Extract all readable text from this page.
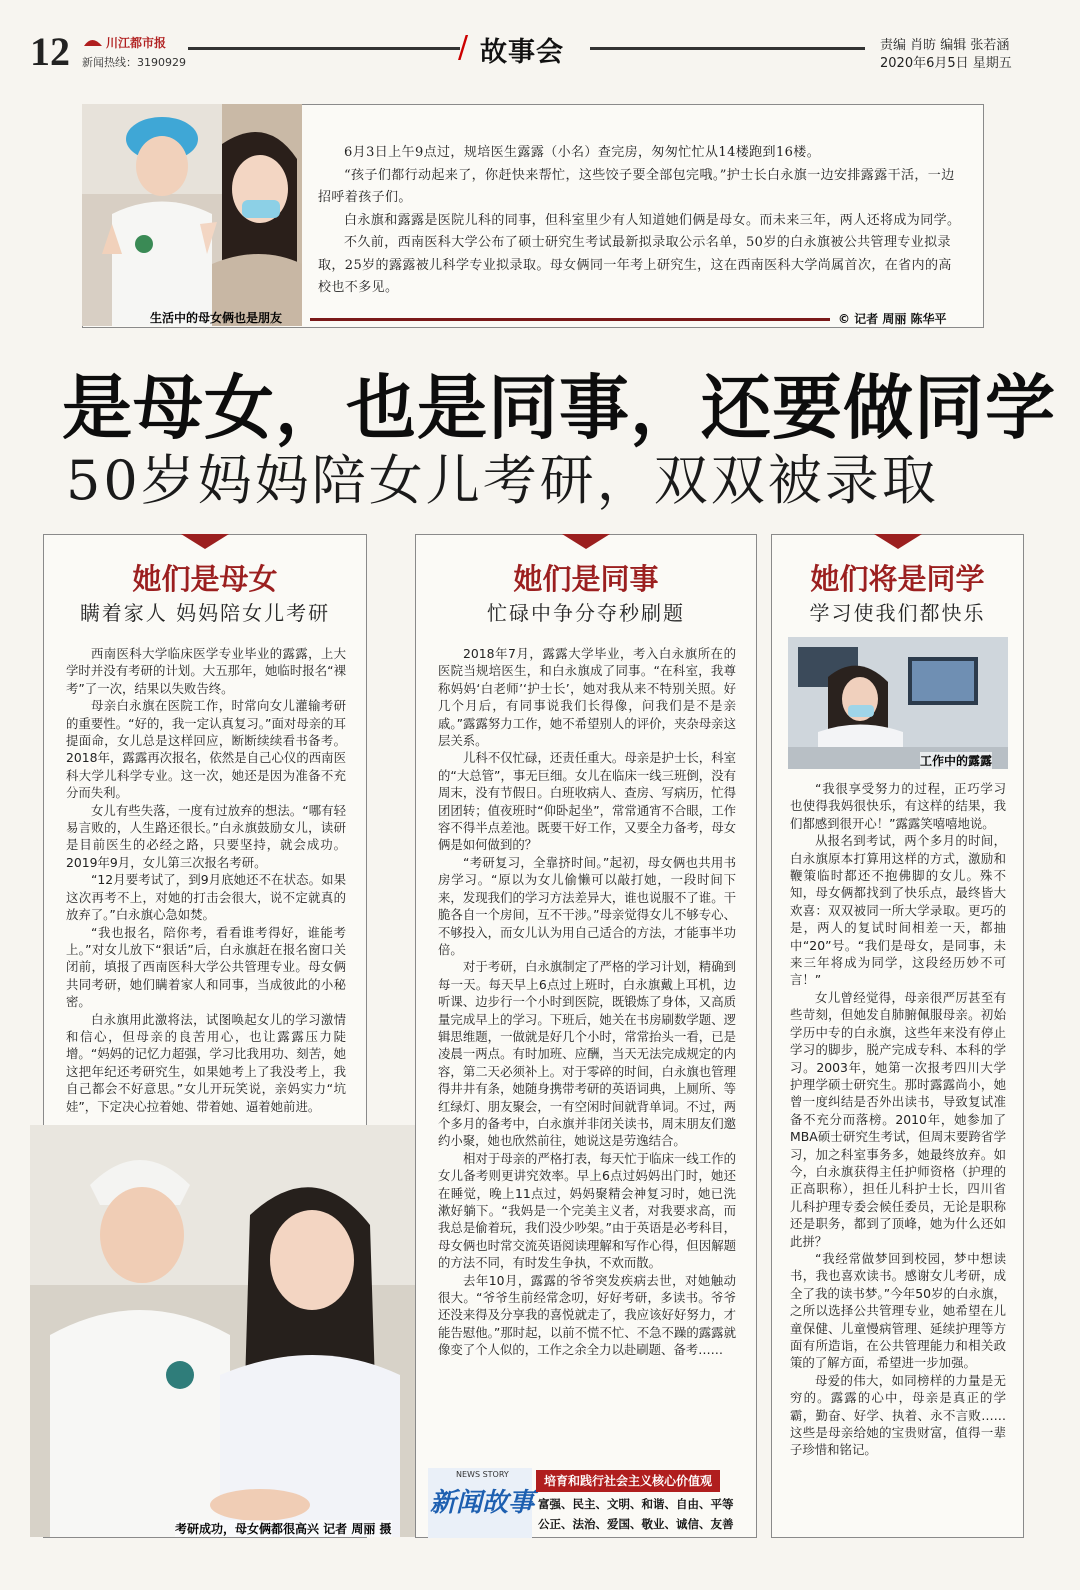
12	川江都市报
新闻热线：3190929	/ 故事会	责编 肖昉 编辑 张若涵
2020年6月5日 星期五
生活中的母女俩也是朋友

6月3日上午9点过，规培医生露露（小名）查完房，匆匆忙忙从14楼跑到16楼。

“孩子们都行动起来了，你赶快来帮忙，这些饺子要全部包完哦。”护士长白永旗一边安排露露干活，一边招呼着孩子们。

白永旗和露露是医院儿科的同事，但科室里少有人知道她们俩是母女。而未来三年，两人还将成为同学。

不久前，西南医科大学公布了硕士研究生考试最新拟录取公示名单，50岁的白永旗被公共管理专业拟录取，25岁的露露被儿科学专业拟录取。母女俩同一年考上研究生，这在西南医科大学尚属首次，在省内的高校也不多见。

© 记者 周丽 陈华平
是母女，也是同事，还要做同学
50岁妈妈陪女儿考研，双双被录取
她们是母女
瞒着家人 妈妈陪女儿考研

西南医科大学临床医学专业毕业的露露，上大学时并没有考研的计划。大五那年，她临时报名“裸考”了一次，结果以失败告终。

母亲白永旗在医院工作，时常向女儿灌输考研的重要性。“好的，我一定认真复习。”面对母亲的耳提面命，女儿总是这样回应，断断续续看书备考。2018年，露露再次报名，依然是自己心仪的西南医科大学儿科学专业。这一次，她还是因为准备不充分而失利。

女儿有些失落，一度有过放弃的想法。“哪有轻易言败的，人生路还很长。”白永旗鼓励女儿，读研是目前医生的必经之路，只要坚持，就会成功。2019年9月，女儿第三次报名考研。

“12月要考试了，到9月底她还不在状态。如果这次再考不上，对她的打击会很大，说不定就真的放弃了。”白永旗心急如焚。

“我也报名，陪你考，看看谁考得好，谁能考上。”对女儿放下“狠话”后，白永旗赶在报名窗口关闭前，填报了西南医科大学公共管理专业。母女俩共同考研，她们瞒着家人和同事，当成彼此的小秘密。

白永旗用此激将法，试图唤起女儿的学习激情和信心，但母亲的良苦用心，也让露露压力陡增。“妈妈的记忆力超强，学习比我用功、刻苦，她这把年纪还考研究生，如果她考上了我没考上，我自己都会不好意思。”女儿开玩笑说，亲妈实力“坑娃”，下定决心拉着她、带着她、逼着她前进。

考研成功，母女俩都很高兴 记者 周丽 摄
她们是同事
忙碌中争分夺秒刷题

2018年7月，露露大学毕业，考入白永旗所在的医院当规培医生，和白永旗成了同事。“在科室，我尊称妈妈‘白老师’‘护士长’，她对我从来不特别关照。好几个月后，有同事说我们长得像，问我们是不是亲戚。”露露努力工作，她不希望别人的评价，夹杂母亲这层关系。

儿科不仅忙碌，还责任重大。母亲是护士长，科室的“大总管”，事无巨细。女儿在临床一线三班倒，没有周末，没有节假日。白班收病人、查房、写病历，忙得团团转；值夜班时“仰卧起坐”，常常通宵不合眼，工作容不得半点差池。既要干好工作，又要全力备考，母女俩是如何做到的？

“考研复习，全靠挤时间。”起初，母女俩也共用书房学习。“原以为女儿偷懒可以敲打她，一段时间下来，发现我们的学习方法差异大，谁也说服不了谁。干脆各自一个房间，互不干涉。”母亲觉得女儿不够专心、不够投入，而女儿认为用自己适合的方法，才能事半功倍。

对于考研，白永旗制定了严格的学习计划，精确到每一天。每天早上6点过上班时，白永旗戴上耳机，边听课、边步行一个小时到医院，既锻炼了身体，又高质量完成早上的学习。下班后，她关在书房刷数学题、逻辑思维题，一做就是好几个小时，常常抬头一看，已是凌晨一两点。有时加班、应酬，当天无法完成规定的内容，第二天必须补上。对于零碎的时间，白永旗也管理得井井有条，她随身携带考研的英语词典，上厕所、等红绿灯、朋友聚会，一有空闲时间就背单词。不过，两个多月的备考中，白永旗并非闭关读书，周末朋友们邀约小聚，她也欣然前往，她说这是劳逸结合。

相对于母亲的严格打表，每天忙于临床一线工作的女儿备考则更讲究效率。早上6点过妈妈出门时，她还在睡觉，晚上11点过，妈妈聚精会神复习时，她已洗漱好躺下。“我妈是一个完美主义者，对我要求高，而我总是偷着玩，我们没少吵架。”由于英语是必考科目，母女俩也时常交流英语阅读理解和写作心得，但因解题的方法不同，有时发生争执，不欢而散。

去年10月，露露的爷爷突发疾病去世，对她触动很大。“爷爷生前经常念叨，好好考研，多读书。爷爷还没来得及分享我的喜悦就走了，我应该好好努力，才能告慰他。”那时起，以前不慌不忙、不急不躁的露露就像变了个人似的，工作之余全力以赴刷题、备考……

NEWS STORY
新闻故事
培育和践行社会主义核心价值观
富强、民主、文明、和谐、自由、平等
公正、法治、爱国、敬业、诚信、友善
她们将是同学
学习使我们都快乐

“我很享受努力的过程，正巧学习也使得我妈很快乐，有这样的结果，我们都感到很开心！”露露笑嘻嘻地说。

从报名到考试，两个多月的时间，白永旗原本打算用这样的方式，激励和鞭策临时都还不抱佛脚的女儿。殊不知，母女俩都找到了快乐点，最终皆大欢喜：双双被同一所大学录取。更巧的是，两人的复试时间相差一天，都抽中“20”号。“我们是母女，是同事，未来三年将成为同学，这段经历妙不可言！”

女儿曾经觉得，母亲很严厉甚至有些苛刻，但她发自肺腑佩服母亲。初始学历中专的白永旗，这些年来没有停止学习的脚步，脱产完成专科、本科的学习。2003年，她第一次报考四川大学护理学硕士研究生。那时露露尚小，她曾一度纠结是否外出读书，导致复试准备不充分而落榜。2010年，她参加了MBA硕士研究生考试，但周末要跨省学习，加之科室事务多，她最终放弃。如今，白永旗获得主任护师资格（护理的正高职称），担任儿科护士长，四川省儿科护理专委会候任委员，无论是职称还是职务，都到了顶峰，她为什么还如此拼？

“我经常做梦回到校园，梦中想读书，我也喜欢读书。感谢女儿考研，成全了我的读书梦。”今年50岁的白永旗，之所以选择公共管理专业，她希望在儿童保健、儿童慢病管理、延续护理等方面有所造诣，在公共管理能力和相关政策的了解方面，希望进一步加强。

母爱的伟大，如同榜样的力量是无穷的。露露的心中，母亲是真正的学霸，勤奋、好学、执着、永不言败……这些是母亲给她的宝贵财富，值得一辈子珍惜和铭记。

工作中的露露
